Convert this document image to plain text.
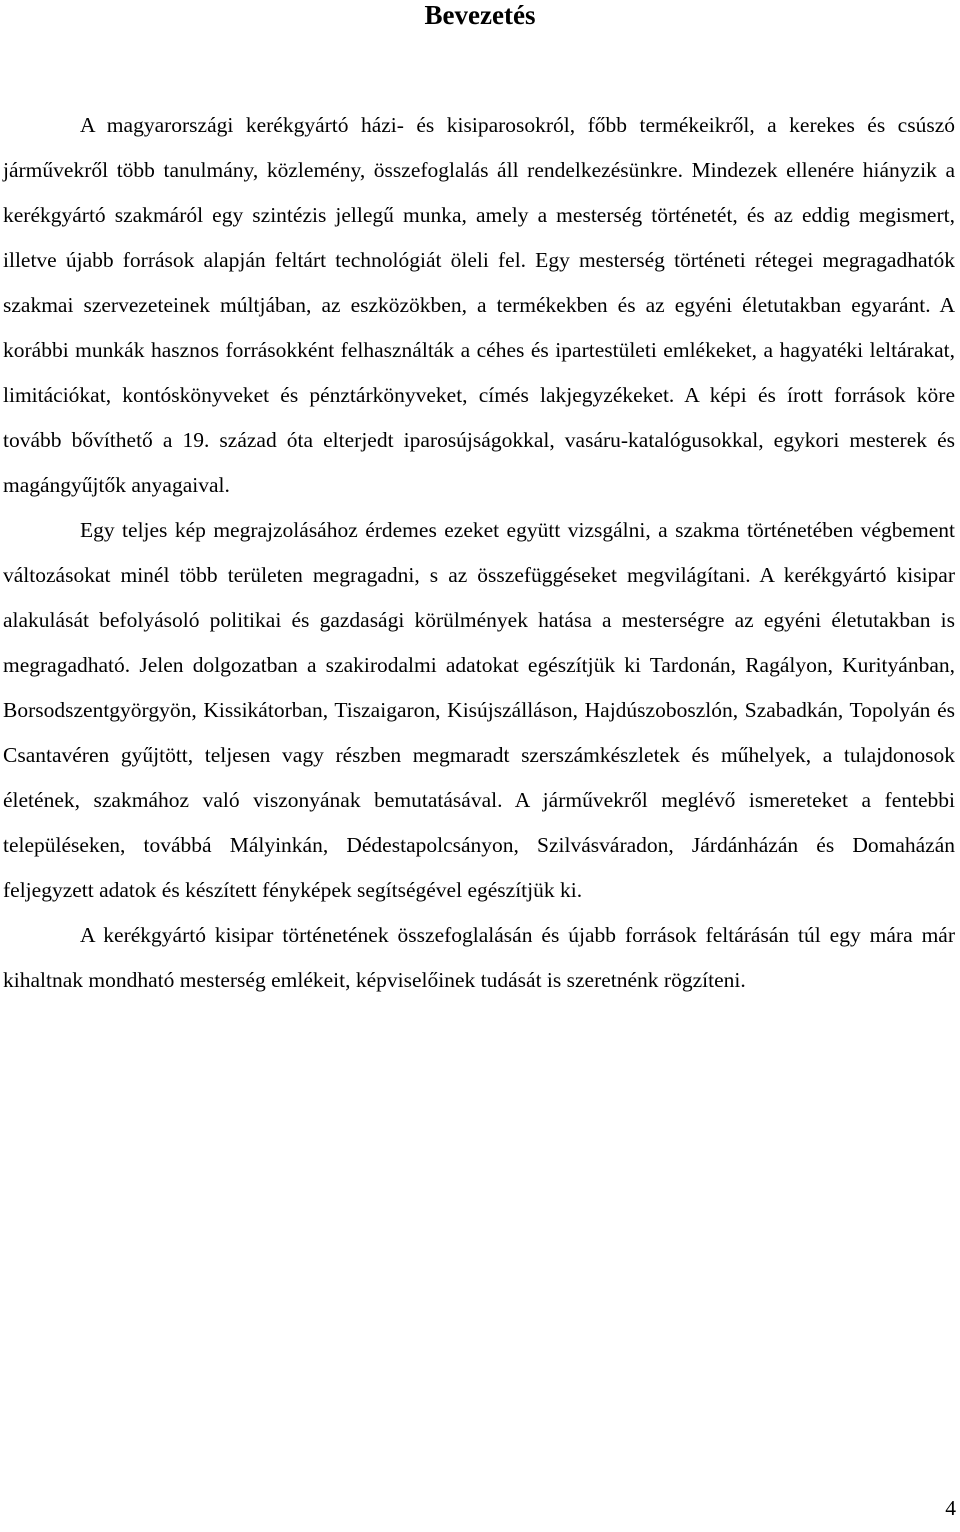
Bevezetés

A magyarországi kerékgyártó házi- és kisiparosokról, főbb termékeikről, a kerekes és csúszó járművekről több tanulmány, közlemény, összefoglalás áll rendelkezésünkre. Mindezek ellenére hiányzik a kerékgyártó szakmáról egy szintézis jellegű munka, amely a mesterség történetét, és az eddig megismert, illetve újabb források alapján feltárt technológiát öleli fel. Egy mesterség történeti rétegei megragadhatók szakmai szervezeteinek múltjában, az eszközökben, a termékekben és az egyéni életutakban egyaránt. A korábbi munkák hasznos forrásokként felhasználták a céhes és ipartestületi emlékeket, a hagyatéki leltárakat, limitációkat, kontóskönyveket és pénztárkönyveket, címés lakjegyzékeket. A képi és írott források köre tovább bővíthető a 19. század óta elterjedt iparosújságokkal, vasáru-katalógusokkal, egykori mesterek és magángyűjtők anyagaival.

Egy teljes kép megrajzolásához érdemes ezeket együtt vizsgálni, a szakma történetében végbement változásokat minél több területen megragadni, s az összefüggéseket megvilágítani. A kerékgyártó kisipar alakulását befolyásoló politikai és gazdasági körülmények hatása a mesterségre az egyéni életutakban is megragadható. Jelen dolgozatban a szakirodalmi adatokat egészítjük ki Tardonán, Ragályon, Kurityánban, Borsodszentgyörgyön, Kissikátorban, Tiszaigaron, Kisújszálláson, Hajdúszoboszlón, Szabadkán, Topolyán és Csantavéren gyűjtött, teljesen vagy részben megmaradt szerszámkészletek és műhelyek, a tulajdonosok életének, szakmához való viszonyának bemutatásával. A járművekről meglévő ismereteket a fentebbi településeken, továbbá Mályinkán, Dédestapolcsányon, Szilvásváradon, Járdánházán és Domaházán feljegyzett adatok és készített fényképek segítségével egészítjük ki.

A kerékgyártó kisipar történetének összefoglalásán és újabb források feltárásán túl egy mára már kihaltnak mondható mesterség emlékeit, képviselőinek tudását is szeretnénk rögzíteni.

4
